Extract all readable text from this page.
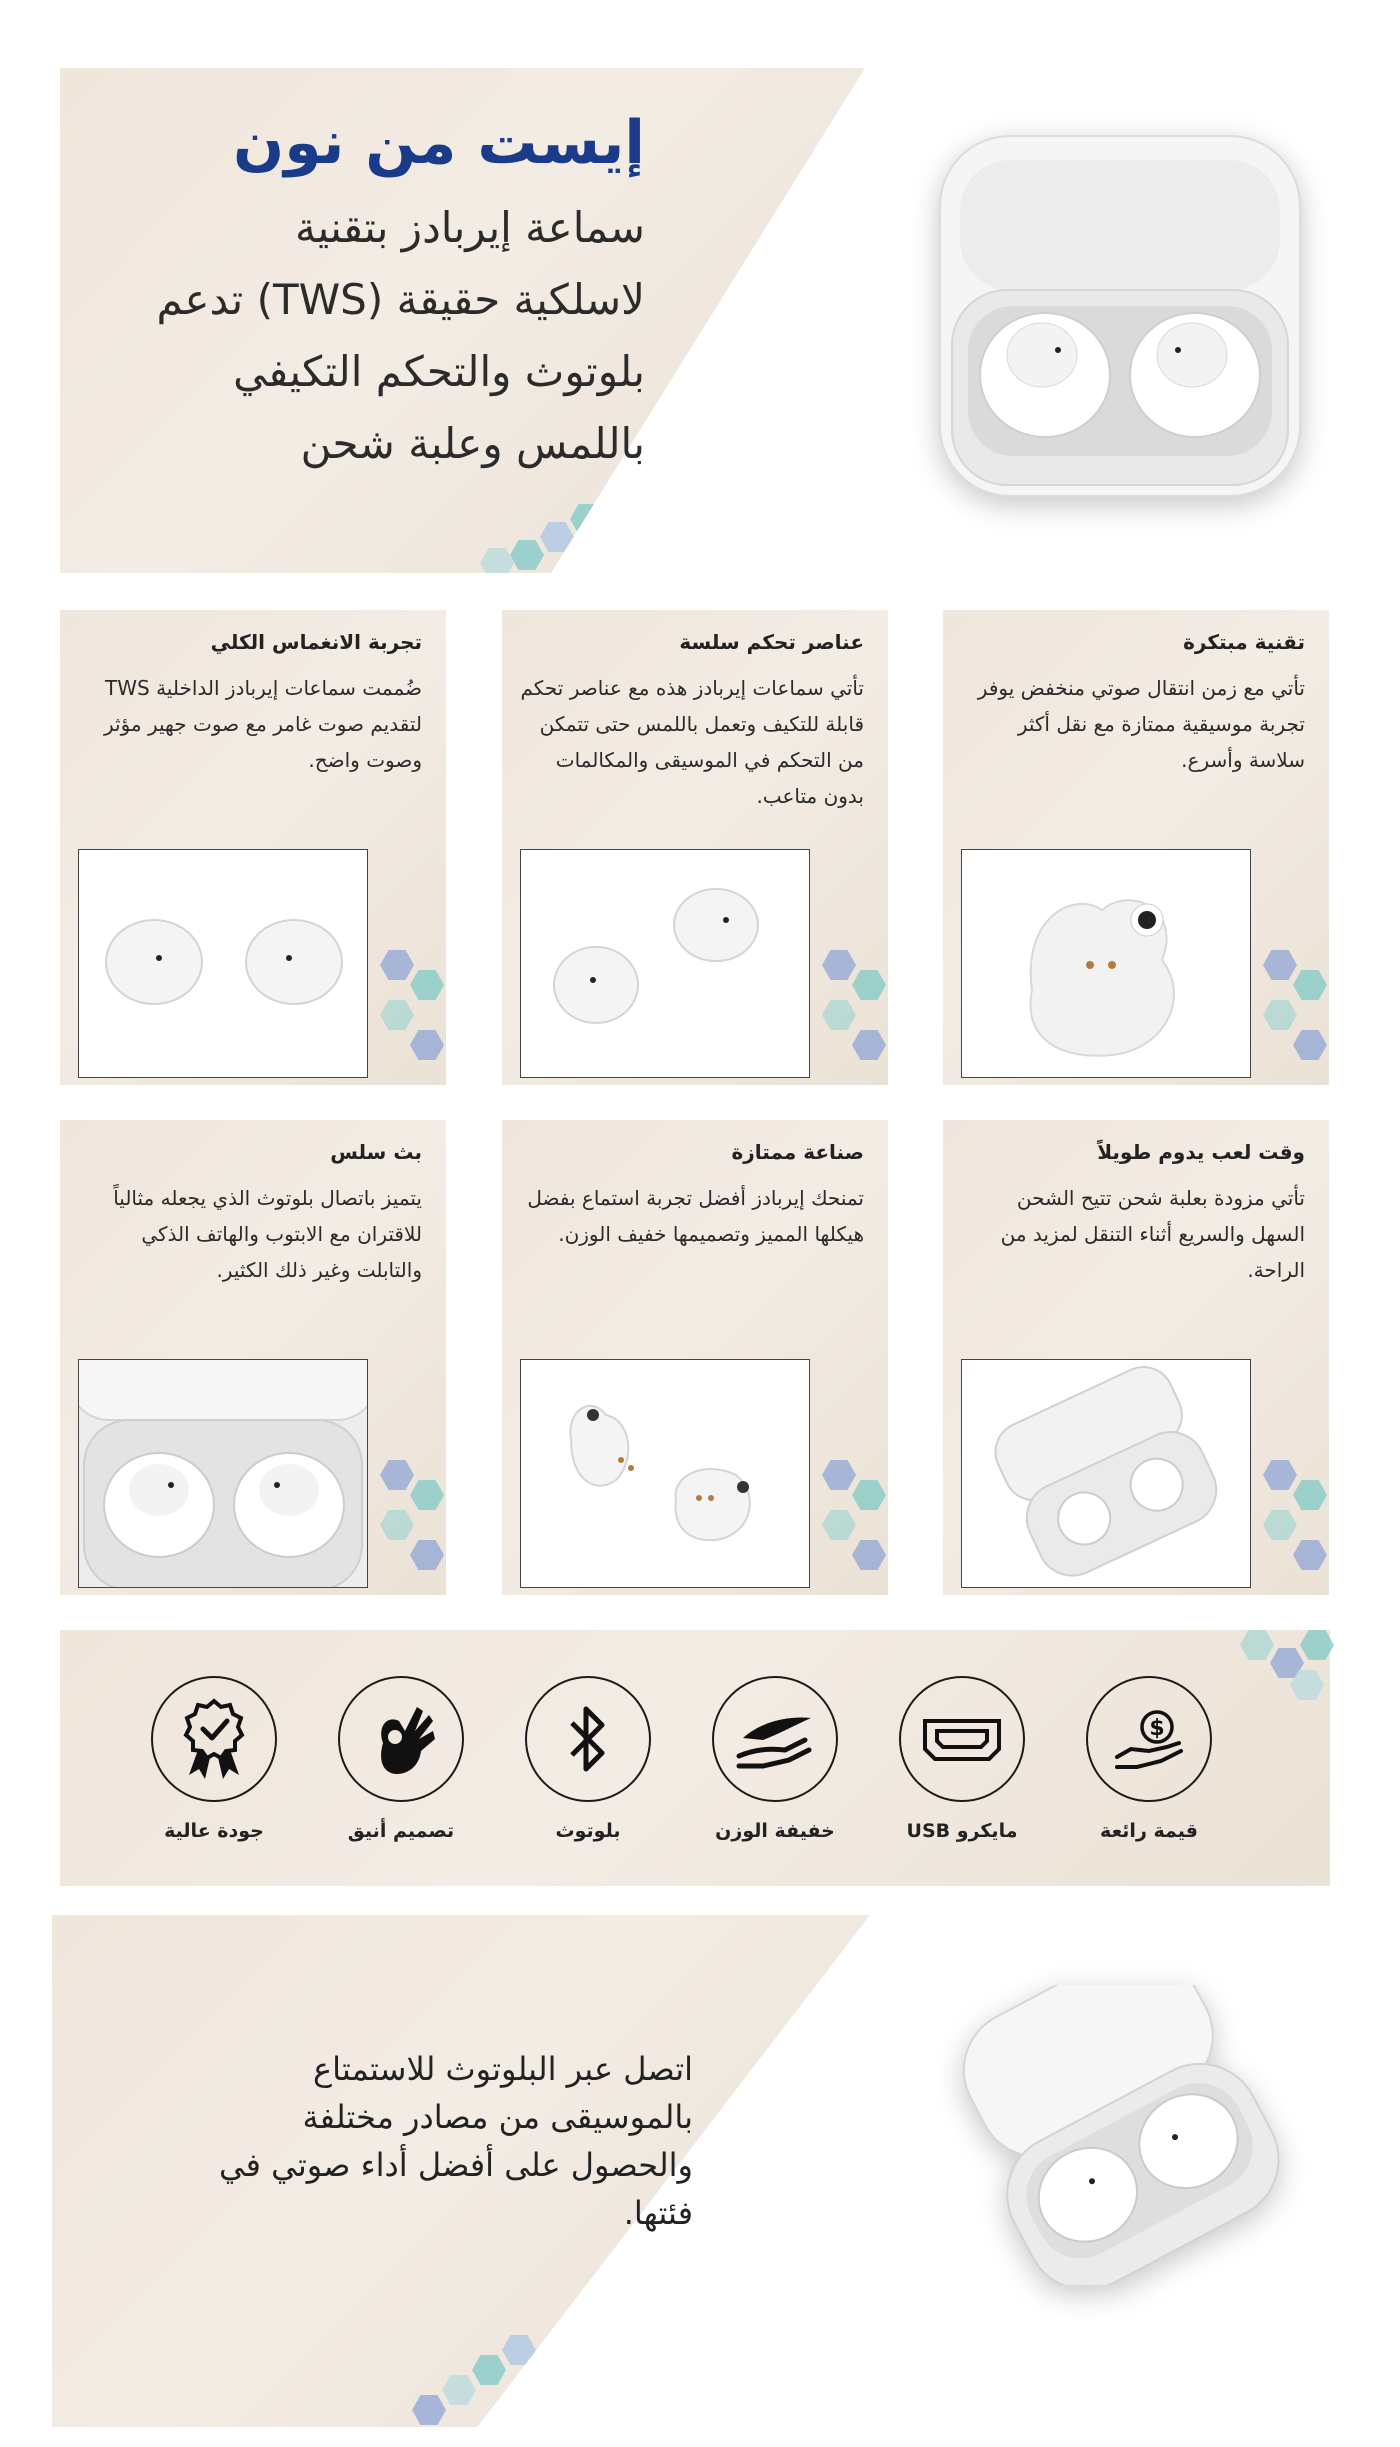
إيست من نون
سماعة إيربادز بتقنية
لاسلكية حقيقة (TWS) تدعم
بلوتوث والتحكم التكيفي
باللمس وعلبة شحن
تقنية مبتكرة
تأتي مع زمن انتقال صوتي منخفض يوفر تجربة موسيقية ممتازة مع نقل أكثر سلاسة وأسرع.
عناصر تحكم سلسة
تأتي سماعات إيربادز هذه مع عناصر تحكم قابلة للتكيف وتعمل باللمس حتى تتمكن من التحكم في الموسيقى والمكالمات بدون متاعب.
تجربة الانغماس الكلي
ضُممت سماعات إيربادز الداخلية TWS لتقديم صوت غامر مع صوت جهير مؤثر وصوت واضح.
وقت لعب يدوم طويلاً
تأتي مزودة بعلبة شحن تتيح الشحن السهل والسريع أثناء التنقل لمزيد من الراحة.
صناعة ممتازة
تمنحك إيربادز أفضل تجربة استماع بفضل هيكلها المميز وتصميمها خفيف الوزن.
بث سلس
يتميز باتصال بلوتوث الذي يجعله مثالياً للاقتران مع الابتوب والهاتف الذكي والتابلت وغير ذلك الكثير.
$
قيمة رائعة
مايكرو USB
خفيفة الوزن
بلوتوث
تصميم أنيق
جودة عالية
اتصل عبر البلوتوث للاستمتاع بالموسيقى من مصادر مختلفة والحصول على أفضل أداء صوتي في فئتها.
